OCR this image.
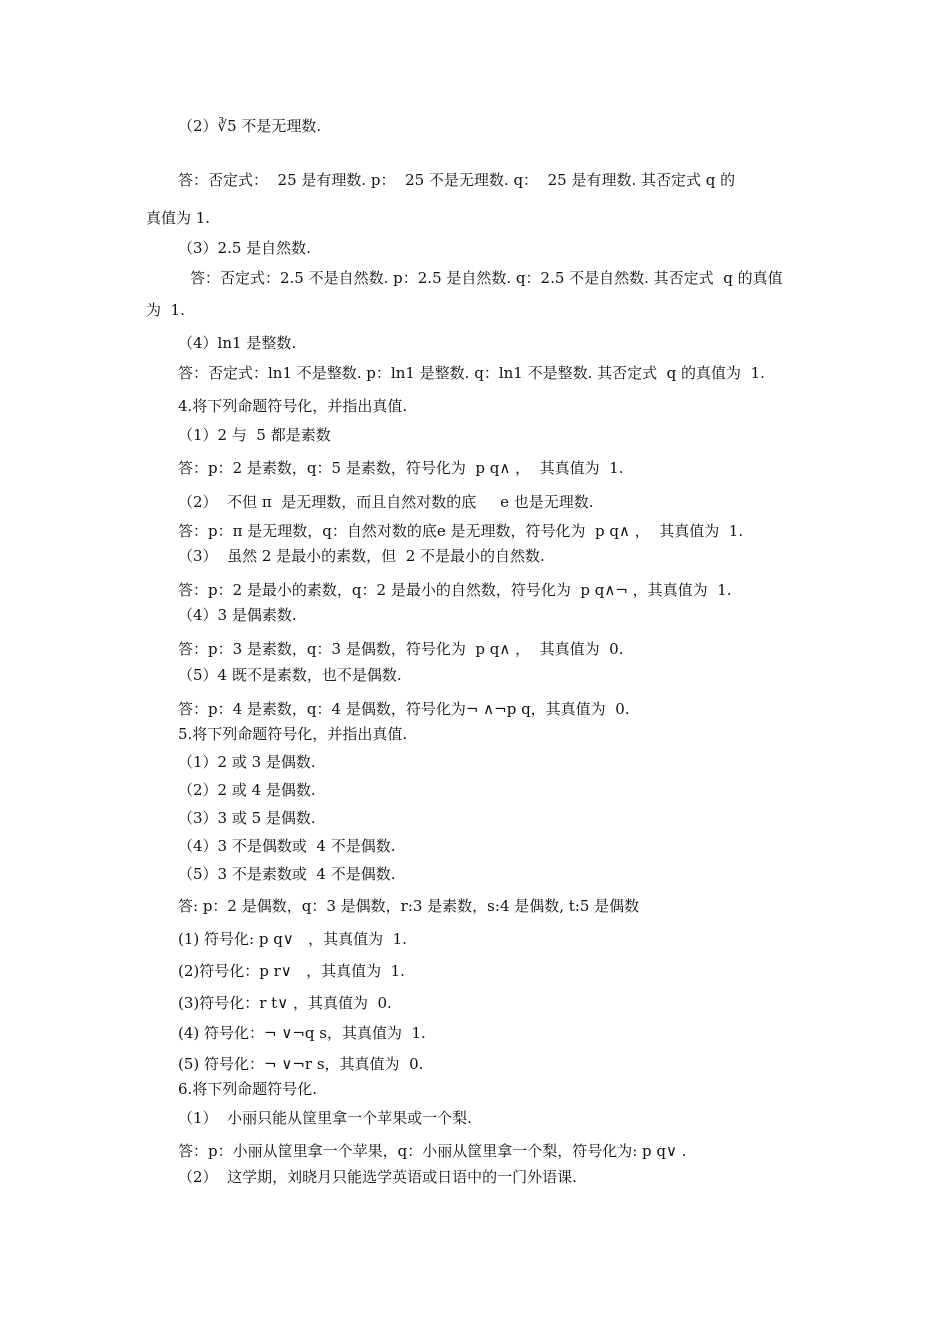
（2）∛5 不是无理数.
答：否定式：  25 是有理数. p：  25 不是无理数. q：  25 是有理数. 其否定式 q 的
真值为 1.
（3）2.5 是自然数.
答：否定式：2.5 不是自然数. p：2.5 是自然数. q：2.5 不是自然数. 其否定式  q 的真值
为  1.
（4）ln1 是整数.
答：否定式：ln1 不是整数. p：ln1 是整数. q：ln1 不是整数. 其否定式  q 的真值为  1.
4.将下列命题符号化，并指出真值.
（1）2 与  5 都是素数
答：p：2 是素数，q：5 是素数，符号化为  p q∧ ，  其真值为  1.
（2）  不但 π  是无理数，而且自然对数的底     e 也是无理数.
答：p：π 是无理数，q：自然对数的底e 是无理数，符号化为  p q∧ ，  其真值为  1.
（3）  虽然 2 是最小的素数，但  2 不是最小的自然数.
答：p：2 是最小的素数，q：2 是最小的自然数，符号化为  p q∧¬ ，其真值为  1.
（4）3 是偶素数.
答：p：3 是素数，q：3 是偶数，符号化为  p q∧ ，  其真值为  0.
（5）4 既不是素数，也不是偶数.
答：p：4 是素数，q：4 是偶数，符号化为¬ ∧¬p q，其真值为  0.
5.将下列命题符号化，并指出真值.
（1）2 或 3 是偶数.
（2）2 或 4 是偶数.
（3）3 或 5 是偶数.
（4）3 不是偶数或  4 不是偶数.
（5）3 不是素数或  4 不是偶数.
答: p：2 是偶数，q：3 是偶数，r:3 是素数，s:4 是偶数, t:5 是偶数
(1) 符号化: p q∨   ，其真值为  1.
(2)符号化：p r∨   ，其真值为  1.
(3)符号化：r t∨ ，其真值为  0.
(4) 符号化：¬ ∨¬q s，其真值为  1.
(5) 符号化：¬ ∨¬r s，其真值为  0.
6.将下列命题符号化.
（1）  小丽只能从筐里拿一个苹果或一个梨.
答：p：小丽从筐里拿一个苹果，q：小丽从筐里拿一个梨，符号化为: p q∨ .
（2）  这学期，刘晓月只能选学英语或日语中的一门外语课.
